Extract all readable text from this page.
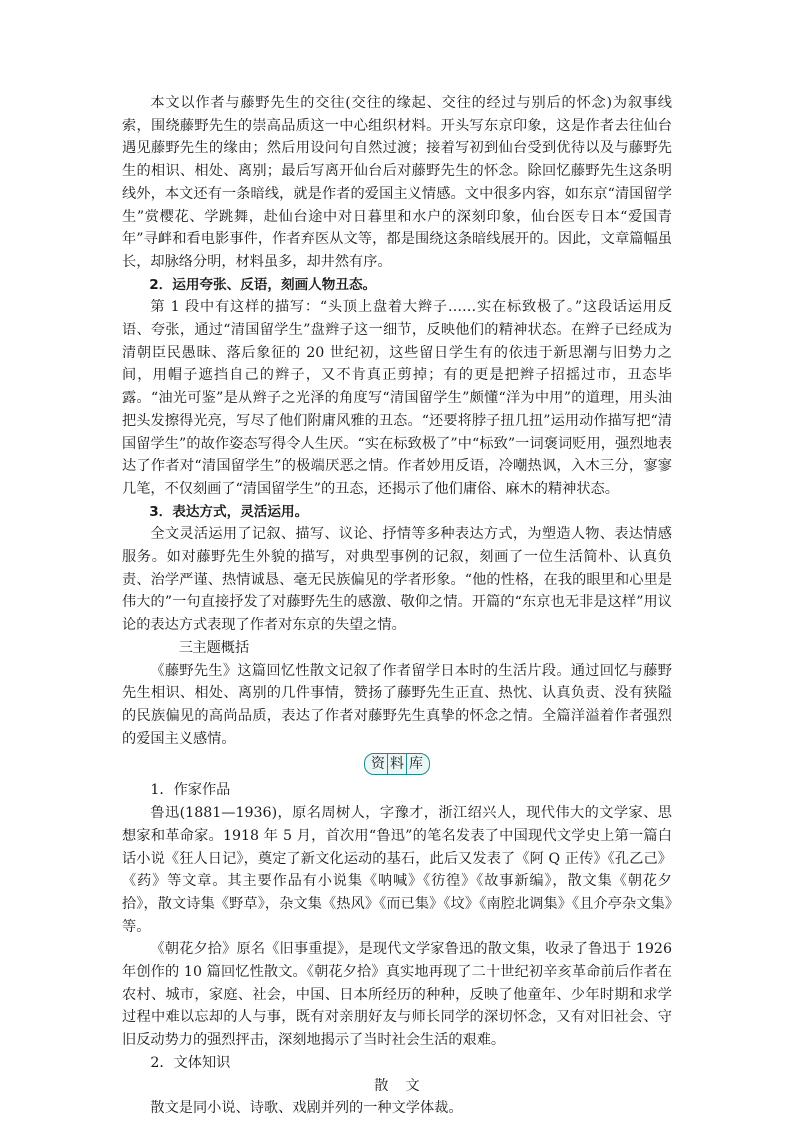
本文以作者与藤野先生的交往(交往的缘起、交往的经过与别后的怀念)为叙事线索，围绕藤野先生的崇高品质这一中心组织材料。开头写东京印象，这是作者去往仙台遇见藤野先生的缘由；然后用设问句自然过渡；接着写初到仙台受到优待以及与藤野先生的相识、相处、离别；最后写离开仙台后对藤野先生的怀念。除回忆藤野先生这条明线外，本文还有一条暗线，就是作者的爱国主义情感。文中很多内容，如东京“清国留学生”赏樱花、学跳舞，赴仙台途中对日暮里和水户的深刻印象，仙台医专日本“爱国青年”寻衅和看电影事件，作者弃医从文等，都是围绕这条暗线展开的。因此，文章篇幅虽长，却脉络分明，材料虽多，却井然有序。

2．运用夸张、反语，刻画人物丑态。

第 1 段中有这样的描写：“头顶上盘着大辫子……实在标致极了。”这段话运用反语、夸张，通过“清国留学生”盘辫子这一细节，反映他们的精神状态。在辫子已经成为清朝臣民愚昧、落后象征的 20 世纪初，这些留日学生有的依违于新思潮与旧势力之间，用帽子遮挡自己的辫子，又不肯真正剪掉；有的更是把辫子招摇过市，丑态毕露。“油光可鉴”是从辫子之光泽的角度写“清国留学生”颇懂“洋为中用”的道理，用头油把头发擦得光亮，写尽了他们附庸风雅的丑态。“还要将脖子扭几扭”运用动作描写把“清国留学生”的故作姿态写得令人生厌。“实在标致极了”中“标致”一词褒词贬用，强烈地表达了作者对“清国留学生”的极端厌恶之情。作者妙用反语，冷嘲热讽，入木三分，寥寥几笔，不仅刻画了“清国留学生”的丑态，还揭示了他们庸俗、麻木的精神状态。

3．表达方式，灵活运用。

全文灵活运用了记叙、描写、议论、抒情等多种表达方式，为塑造人物、表达情感服务。如对藤野先生外貌的描写，对典型事例的记叙，刻画了一位生活简朴、认真负责、治学严谨、热情诚恳、毫无民族偏见的学者形象。“他的性格，在我的眼里和心里是伟大的”一句直接抒发了对藤野先生的感激、敬仰之情。开篇的“东京也无非是这样”用议论的表达方式表现了作者对东京的失望之情。

三主题概括

《藤野先生》这篇回忆性散文记叙了作者留学日本时的生活片段。通过回忆与藤野先生相识、相处、离别的几件事情，赞扬了藤野先生正直、热忱、认真负责、没有狭隘的民族偏见的高尚品质，表达了作者对藤野先生真挚的怀念之情。全篇洋溢着作者强烈的爱国主义感情。

资 料 库

1．作家作品

鲁迅(1881—1936)，原名周树人，字豫才，浙江绍兴人，现代伟大的文学家、思想家和革命家。1918 年 5 月，首次用“鲁迅”的笔名发表了中国现代文学史上第一篇白话小说《狂人日记》，奠定了新文化运动的基石，此后又发表了《阿 Q 正传》《孔乙己》《药》等文章。其主要作品有小说集《呐喊》《彷徨》《故事新编》，散文集《朝花夕拾》，散文诗集《野草》，杂文集《热风》《而已集》《坟》《南腔北调集》《且介亭杂文集》等。

《朝花夕拾》原名《旧事重提》，是现代文学家鲁迅的散文集，收录了鲁迅于 1926 年创作的 10 篇回忆性散文。《朝花夕拾》真实地再现了二十世纪初辛亥革命前后作者在农村、城市，家庭、社会，中国、日本所经历的种种，反映了他童年、少年时期和求学过程中难以忘却的人与事，既有对亲朋好友与师长同学的深切怀念，又有对旧社会、守旧反动势力的强烈抨击，深刻地揭示了当时社会生活的艰难。

2．文体知识

散文

散文是同小说、诗歌、戏剧并列的一种文学体裁。
